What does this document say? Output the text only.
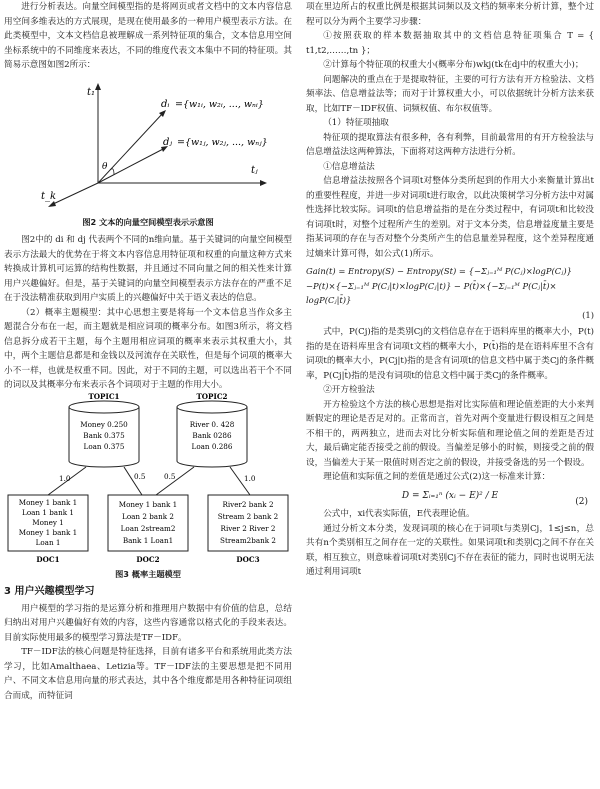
进行分析表达。向量空间模型指的是将网页或者文档中的文本内容信息用空间多维表达的方式展现，是现在使用最多的一种用户模型表示方法。在此类模型中，文本文档信息被理解成一系列特征项的集合，文本信息用空间坐标系统中的不同维度来表达，不同的维度代表文本集中不同的特征项。其简易示意图如图2所示：

θ
t₁
tⱼ
t_k
dᵢ ={w₁ᵢ, w₂ᵢ, ..., wₙᵢ}
dⱼ ={w₁ⱼ, w₂ⱼ, ..., wₙⱼ}
图2 文本的向量空间模型表示示意图

图2中的 di 和 dj 代表两个不同的n维向量。基于关键词的向量空间模型表示方法最大的优势在于将文本内容信息用特征项和权重的向量这种方式来转换成计算机可运算的结构性数据，并且通过不同向量之间的相关性来计算用户兴趣偏好。但是，基于关键词的向量空间模型表示方法存在的严重不足在于没法精准获取到用户实质上的兴趣偏好中关于语义表达的信息。

（2）概率主题模型：其中心思想主要是将每一个文本信息当作众多主题混合分布在一起，而主题就是相应词项的概率分布。如图3所示，将文档信息拆分成若干主题，每个主题用相应词项的概率来表示其权重大小，其中，两个主题信息都是和金钱以及河流存在关联性，但是每个词项的概率大小不一样，也就是权重不同。因此，对于不同的主题，可以选出若干个不同的词以及其概率分布来表示各个词项对于主题的作用大小。

TOPIC1
Money 0.250
Bank 0.375
Loan 0.375
TOPIC2
River 0. 428
Bank 0286
Loan 0.286
1.0	0.5	0.5	1.0
Money 1 bank 1
Loan 1 bank 1
Money 1
Money 1 bank 1
Loan 1
Money 1 bank 1
Loan 2 bank 2
Loan 2stream2
Bank 1 Loan1
River2 bank 2
Stream 2 bank 2
River 2 River 2
Stream2bank 2
DOC1	DOC2	DOC3
图3 概率主题模型
3 用户兴趣模型学习

用户模型的学习指的是运算分析和推理用户数据中有价值的信息，总结归纳出对用户兴趣偏好有效的内容，这些内容通常以格式化的手段来表达。目前实际使用最多的模型学习算法是TF－IDF。

TF－IDF法的核心问题是特征选择，目前有诸多平台和系统用此类方法学习，比如Amalthaea、Letizia等。TF－IDF法的主要思想是把不同用户、不同文本信息用向量的形式表达，其中各个维度都是用各种特征词项组合而成，而特征词

项在里边所占的权重比例是根据其词频以及文档的频率来分析计算，整个过程可以分为两个主要学习步骤：

①按照获取的样本数据抽取其中的文档信息特征项集合 T = { t1,t2,……,tn }；

②计算每个特征项的权重大小(概率分布)wkj(tk在dj中的权重大小)；

问题解决的重点在于是提取特征，主要的可行方法有开方检验法、文档频率法、信息增益法等；而对于计算权重大小，可以依据统计分析方法来获取，比如TF－IDF权值、词频权值、布尔权值等。

（1）特征项抽取

特征项的提取算法有很多种，各有利弊，目前最常用的有开方检验法与信息增益法这两种算法，下面将对这两种方法进行分析。

①信息增益法

信息增益法按照各个词项t对整体分类所起到的作用大小来衡量计算出t的重要性程度，并进一步对词项t进行取舍，以此决策树学习分析方法中对属性选择比较实际。词项t的信息增益指的是在分类过程中，有词项t和比较没有词项t时，对整个过程所产生的差别。对于文本分类，信息增益度量主要是指某词项的存在与否对整个分类所产生的信息量差异程度，这个差异程度通过熵来计算可得，如公式(1)所示。

Gain(t) = Entropy(S) − Entropy(St) = {−Σⱼ₌₁ᴹ P(Cⱼ)×logP(Cⱼ)}
−P(t)×{−Σⱼ₌₁ᴹ P(Cⱼ|t)×logP(Cⱼ|t)} − P(t̄)×{−Σⱼ₌₁ᴹ P(Cⱼ|t̄)×
logP(Cⱼ|t̄)}
(1)

式中，P(Cj)指的是类别Cj的文档信息存在于语料库里的概率大小，P(t)指的是在语料库里含有词项t文档的概率大小，P(t̄)指的是在语料库里不含有词项t的概率大小，P(Cj|t)指的是含有词项t的信息文档中属于类Cj的条件概率，P(Cj|t̄)指的是没有词项t的信息文档中属于类Cj的条件概率。

②开方检验法

开方检验这个方法的核心思想是指对比实际值和理论值差距的大小来判断假定的理论是否足对的。正常而言，首先对两个变量进行假设相互之间是不相干的，两两独立，进而去对比分析实际值和理论值之间的差距是否过大，最后确定能否接受之前的假设。当偏差足够小的时候，则接受之前的假设，当偏差大于某一限值时则否定之前的假设，并接受备选的另一个假设。

理论值和实际值之间的差值是通过公式(2)这一标准来计算：

D = Σᵢ₌₁ⁿ (xᵢ − E)² / E
(2)

公式中，xi代表实际值，E代表理论值。

通过分析文本分类，发现词项的核心在于词项t与类别Cj，1≤j≤n，总共有n个类别相互之间存在一定的关联性。如果词项t和类别Cj之间不存在关联，相互独立，则意味着词项t对类别Cj不存在表征的能力，同时也说明无法通过利用词项t
